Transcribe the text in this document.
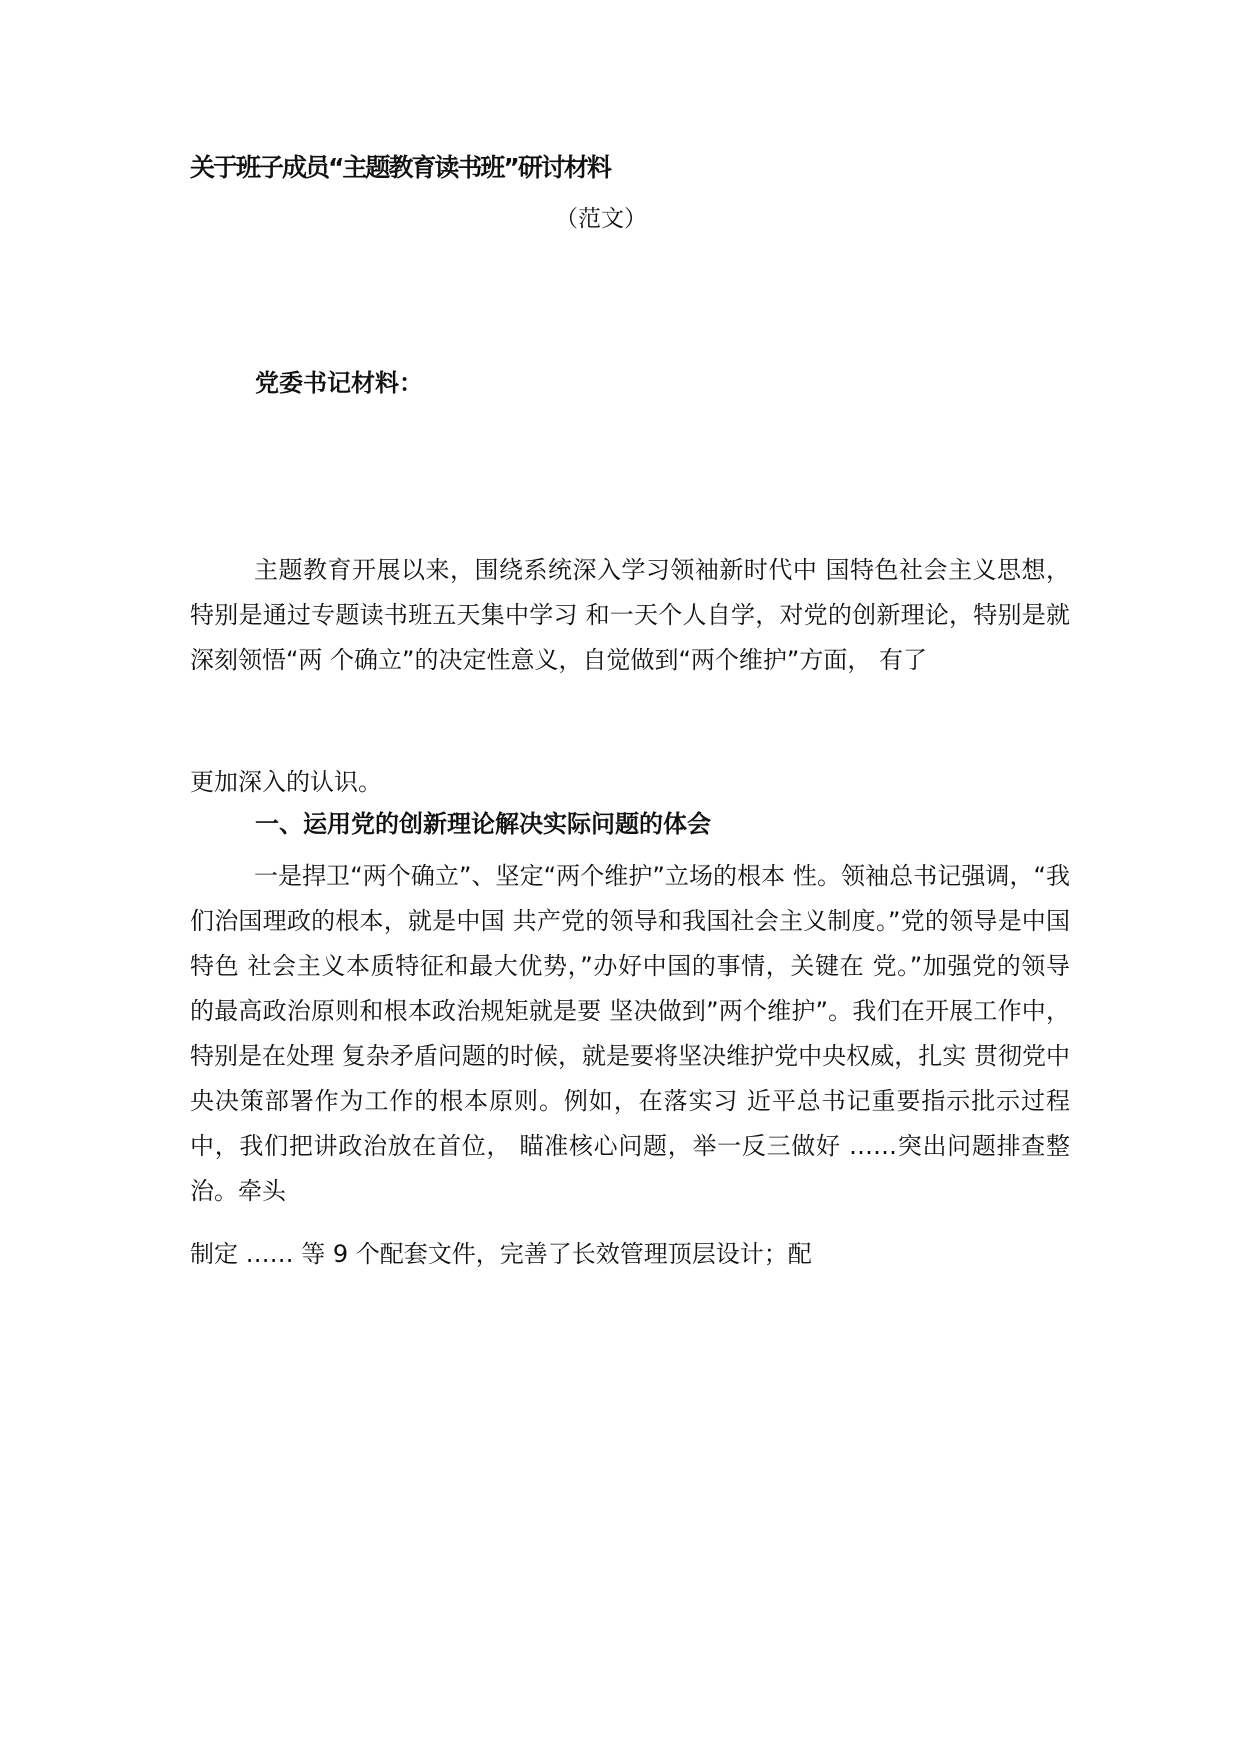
关于班子成员“主题教育读书班”研讨材料

（范文）

党委书记材料：

主题教育开展以来，围绕系统深入学习领袖新时代中 国特色社会主义思想，特别是通过专题读书班五天集中学习 和一天个人自学，对党的创新理论，特别是就深刻领悟“两 个确立”的决定性意义，自觉做到“两个维护”方面， 有了

更加深入的认识。

一、运用党的创新理论解决实际问题的体会

一是捍卫“两个确立”、坚定“两个维护”立场的根本 性。领袖总书记强调，“我们治国理政的根本，就是中国 共产党的领导和我国社会主义制度。”党的领导是中国特色 社会主义本质特征和最大优势，”办好中国的事情，关键在 党。”加强党的领导的最高政治原则和根本政治规矩就是要 坚决做到”两个维护”。我们在开展工作中，特别是在处理 复杂矛盾问题的时候，就是要将坚决维护党中央权威，扎实 贯彻党中央决策部署作为工作的根本原则。例如，在落实习 近平总书记重要指示批示过程中，我们把讲政治放在首位， 瞄准核心问题，举一反三做好 ……突出问题排查整治。牵头

制定 …… 等 9 个配套文件，完善了长效管理顶层设计；配
